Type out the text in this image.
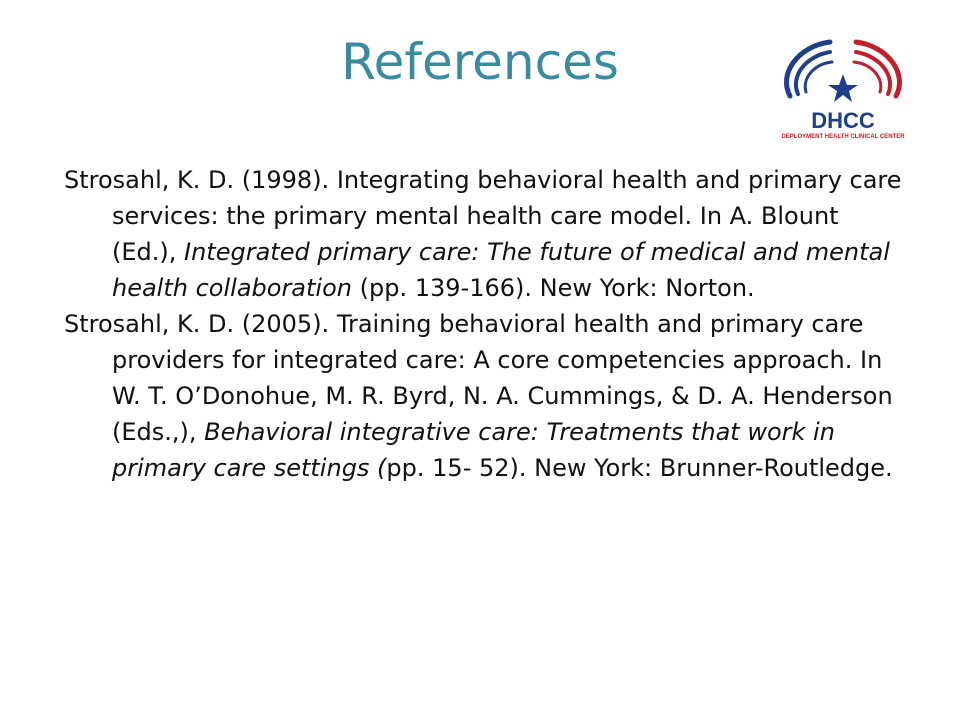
References
DHCC
DEPLOYMENT HEALTH CLINICAL CENTER

Strosahl, K. D. (1998). Integrating behavioral health and primary care services: the primary mental health care model. In A. Blount (Ed.), Integrated primary care: The future of medical and mental health collaboration (pp. 139-166). New York: Norton.

Strosahl, K. D. (2005). Training behavioral health and primary care providers for integrated care: A core competencies approach. In W. T. O’Donohue, M. R. Byrd, N. A. Cummings, & D. A. Henderson (Eds.,), Behavioral integrative care: Treatments that work in primary care settings (pp. 15- 52). New York: Brunner-Routledge.
